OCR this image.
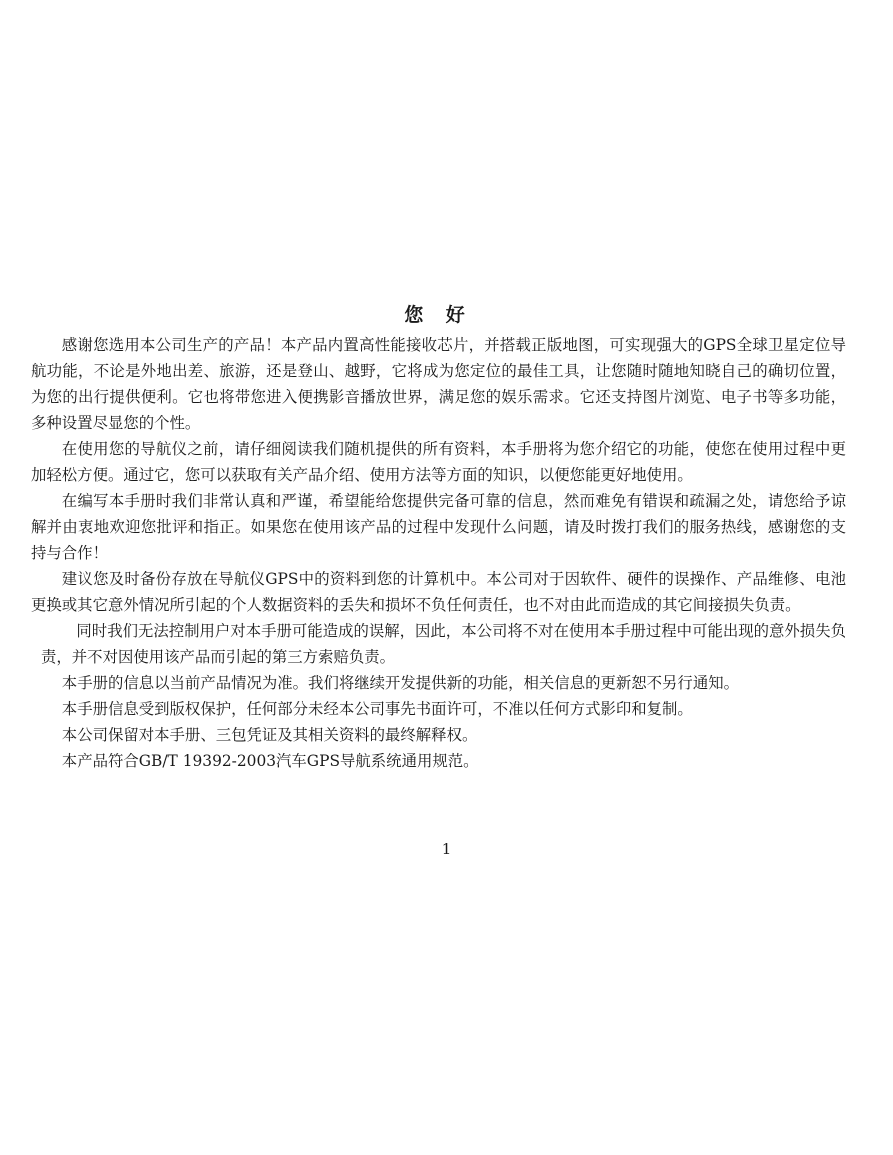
您 好

感谢您选用本公司生产的产品！本产品内置高性能接收芯片，并搭载正版地图，可实现强大的GPS全球卫星定位导航功能，不论是外地出差、旅游，还是登山、越野，它将成为您定位的最佳工具，让您随时随地知晓自己的确切位置，为您的出行提供便利。它也将带您进入便携影音播放世界，满足您的娱乐需求。它还支持图片浏览、电子书等多功能，多种设置尽显您的个性。

在使用您的导航仪之前，请仔细阅读我们随机提供的所有资料，本手册将为您介绍它的功能，使您在使用过程中更加轻松方便。通过它，您可以获取有关产品介绍、使用方法等方面的知识，以便您能更好地使用。

在编写本手册时我们非常认真和严谨，希望能给您提供完备可靠的信息，然而难免有错误和疏漏之处，请您给予谅解并由衷地欢迎您批评和指正。如果您在使用该产品的过程中发现什么问题，请及时拨打我们的服务热线，感谢您的支持与合作！

建议您及时备份存放在导航仪GPS中的资料到您的计算机中。本公司对于因软件、硬件的误操作、产品维修、电池更换或其它意外情况所引起的个人数据资料的丢失和损坏不负任何责任，也不对由此而造成的其它间接损失负责。

同时我们无法控制用户对本手册可能造成的误解，因此，本公司将不对在使用本手册过程中可能出现的意外损失负责，并不对因使用该产品而引起的第三方索赔负责。

本手册的信息以当前产品情况为准。我们将继续开发提供新的功能，相关信息的更新恕不另行通知。

本手册信息受到版权保护，任何部分未经本公司事先书面许可，不准以任何方式影印和复制。

本公司保留对本手册、三包凭证及其相关资料的最终解释权。

本产品符合GB/T 19392-2003汽车GPS导航系统通用规范。

1
